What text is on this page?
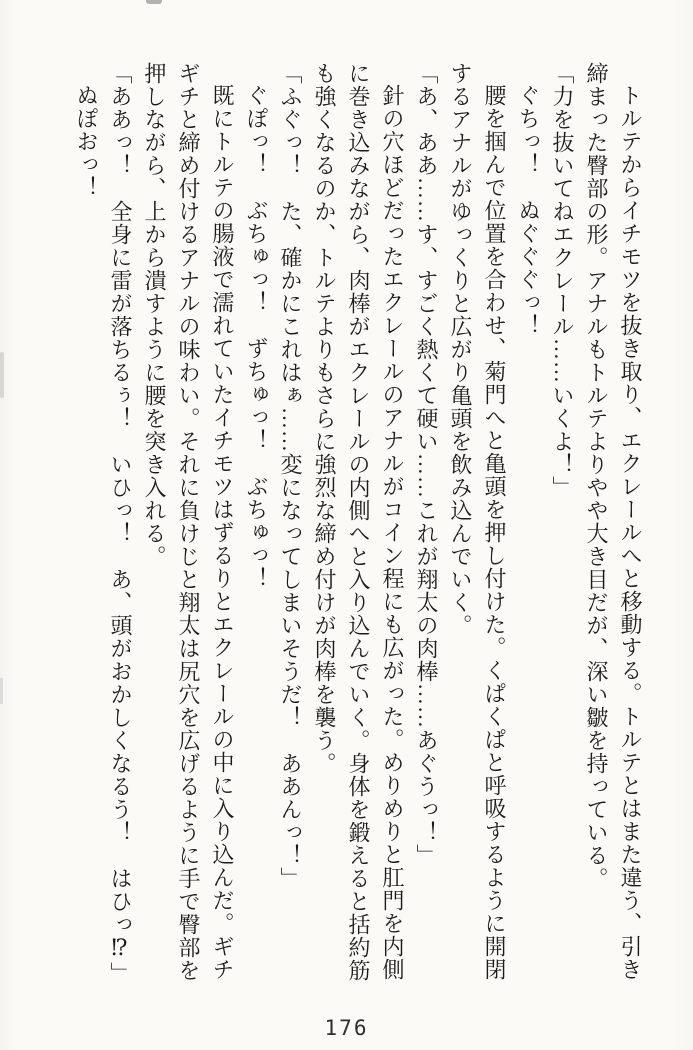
トルテからイチモツを抜き取り、エクレールへと移動する。トルテとはまた違う、引き締まった臀部の形。アナルもトルテよりやや大き目だが、深い皺を持っている。

「力を抜いてねエクレール……いくよ！」

ぐちっ！　ぬぐぐぐっ！

腰を掴んで位置を合わせ、菊門へと亀頭を押し付けた。くぱくぱと呼吸するように開閉するアナルがゆっくりと広がり亀頭を飲み込んでいく。

「あ、ああ……す、すごく熱くて硬い……これが翔太の肉棒……あぐうっ！」

針の穴ほどだったエクレールのアナルがコイン程にも広がった。めりめりと肛門を内側に巻き込みながら、肉棒がエクレールの内側へと入り込んでいく。身体を鍛えると括約筋も強くなるのか、トルテよりもさらに強烈な締め付けが肉棒を襲う。

「ふぐっ！　た、確かにこれはぁ……変になってしまいそうだ！　ああんっ！」

ぐぽっ！　ぶちゅっ！　ずちゅっ！　ぶちゅっ！

既にトルテの腸液で濡れていたイチモツはずるりとエクレールの中に入り込んだ。ギチギチと締め付けるアナルの味わい。それに負けじと翔太は尻穴を広げるように手で臀部を押しながら、上から潰すように腰を突き入れる。

「ああっ！　全身に雷が落ちるぅ！　いひっ！　あ、頭がおかしくなるう！　はひっ⁉」

ぬぽおっ！

176
